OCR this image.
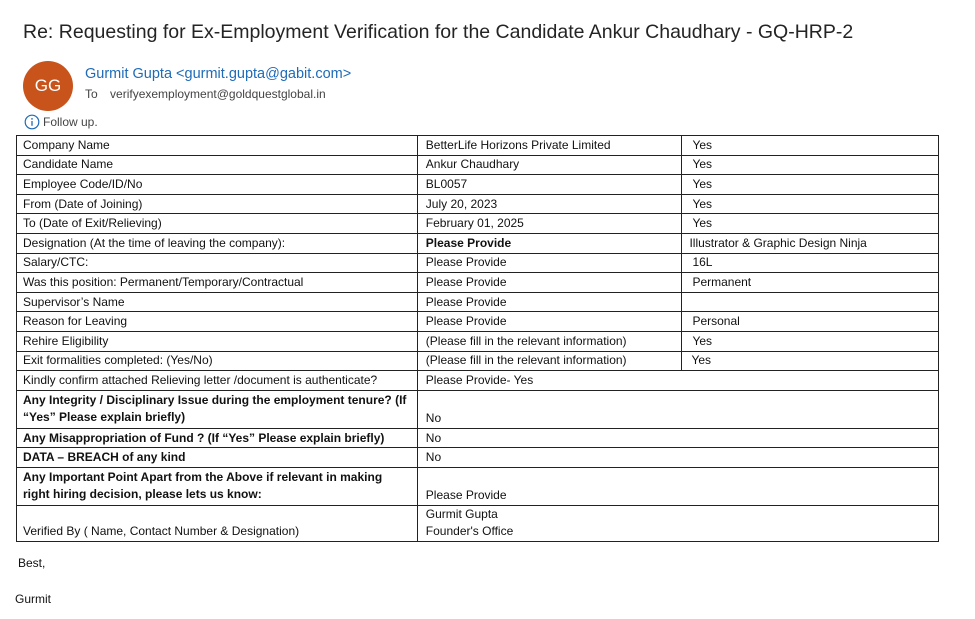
Re: Requesting for Ex-Employment Verification for the Candidate Ankur Chaudhary - GQ-HRP-2
GG
Gurmit Gupta <gurmit.gupta@gabit.com>
To verifyexemployment@goldquestglobal.in
Follow up.
Company Name	BetterLife Horizons Private Limited	Yes
Candidate Name	Ankur Chaudhary	Yes
Employee Code/ID/No	BL0057	Yes
From (Date of Joining)	July 20, 2023	Yes
To (Date of Exit/Relieving)	February 01, 2025	Yes
Designation (At the time of leaving the company):	Please Provide	Illustrator & Graphic Design Ninja
Salary/CTC:	Please Provide	16L
Was this position: Permanent/Temporary/Contractual	Please Provide	Permanent
Supervisor’s Name	Please Provide	
Reason for Leaving	Please Provide	Personal
Rehire Eligibility	(Please fill in the relevant information)	Yes
Exit formalities completed: (Yes/No)	(Please fill in the relevant information)	Yes
Kindly confirm attached Relieving letter /document is authenticate?	Please Provide- Yes	
Any Integrity / Disciplinary Issue during the employment tenure? (If “Yes” Please explain briefly)	No	
Any Misappropriation of Fund ? (If “Yes” Please explain briefly)	No	
DATA – BREACH of any kind	No	
Any Important Point Apart from the Above if relevant in making right hiring decision, please lets us know:	Please Provide	
Verified By ( Name, Contact Number & Designation)	Gurmit Gupta
Founder's Office	
Best,
Gurmit
